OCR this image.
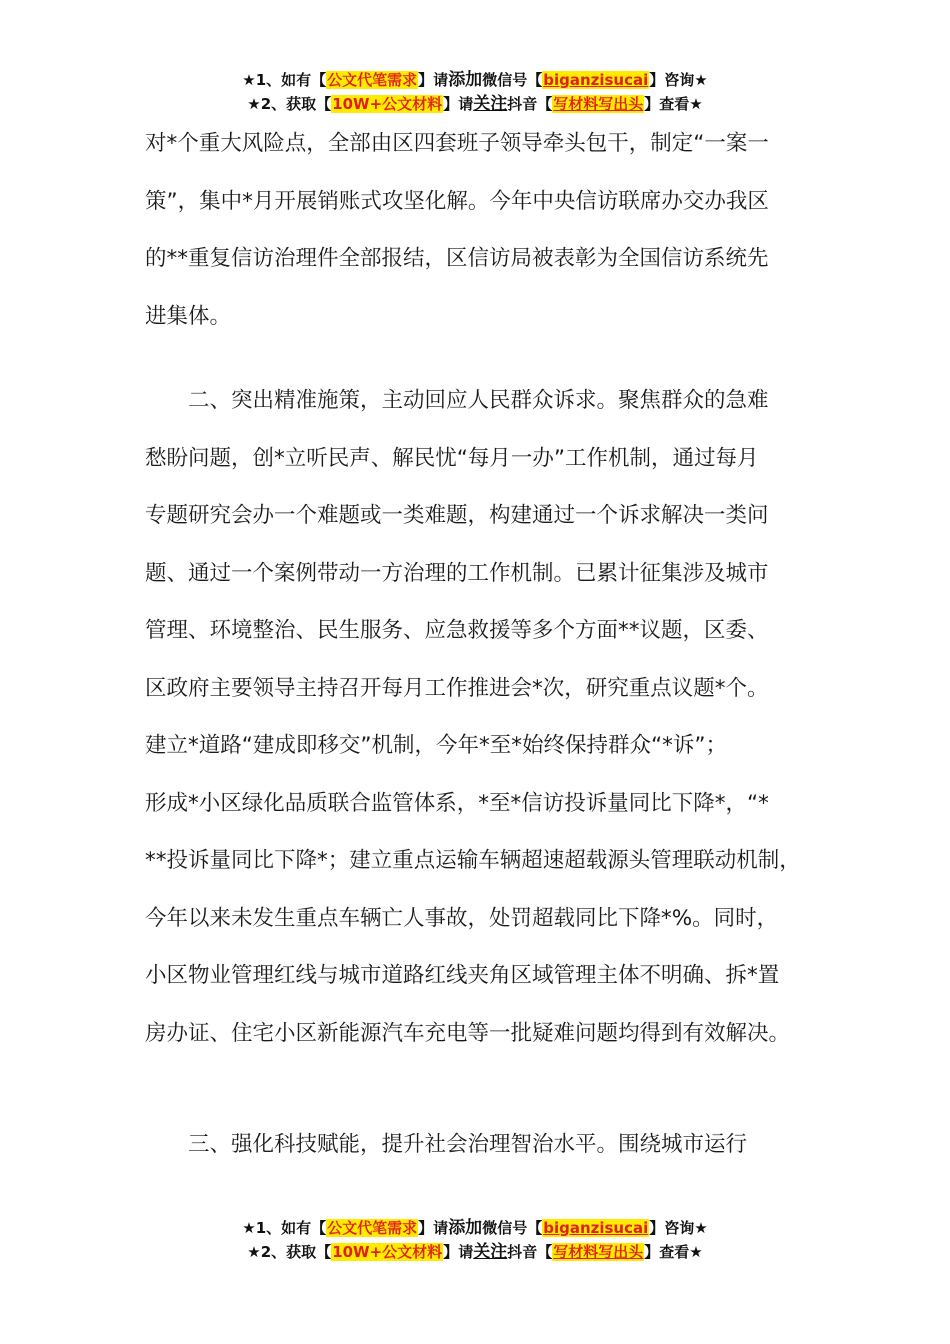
★1、如有【公文代笔需求】请添加微信号【biganzisucai】咨询★
★2、获取【10W+公文材料】请关注抖音【写材料写出头】查看★
对*个重大风险点，全部由区四套班子领导牵头包干，制定“一案一
策”，集中*月开展销账式攻坚化解。今年中央信访联席办交办我区
的**重复信访治理件全部报结，区信访局被表彰为全国信访系统先
进集体。
　　二、突出精准施策，主动回应人民群众诉求。聚焦群众的急难
愁盼问题，创*立听民声、解民忧“每月一办”工作机制，通过每月
专题研究会办一个难题或一类难题，构建通过一个诉求解决一类问
题、通过一个案例带动一方治理的工作机制。已累计征集涉及城市
管理、环境整治、民生服务、应急救援等多个方面**议题，区委、
区政府主要领导主持召开每月工作推进会*次，研究重点议题*个。
建立*道路“建成即移交”机制，今年*至*始终保持群众“*诉”；
形成*小区绿化品质联合监管体系，*至*信访投诉量同比下降*，“*
**投诉量同比下降*；建立重点运输车辆超速超载源头管理联动机制，
今年以来未发生重点车辆亡人事故，处罚超载同比下降*%。同时，
小区物业管理红线与城市道路红线夹角区域管理主体不明确、拆*置
房办证、住宅小区新能源汽车充电等一批疑难问题均得到有效解决。
　　三、强化科技赋能，提升社会治理智治水平。围绕城市运行
★1、如有【公文代笔需求】请添加微信号【biganzisucai】咨询★
★2、获取【10W+公文材料】请关注抖音【写材料写出头】查看★
